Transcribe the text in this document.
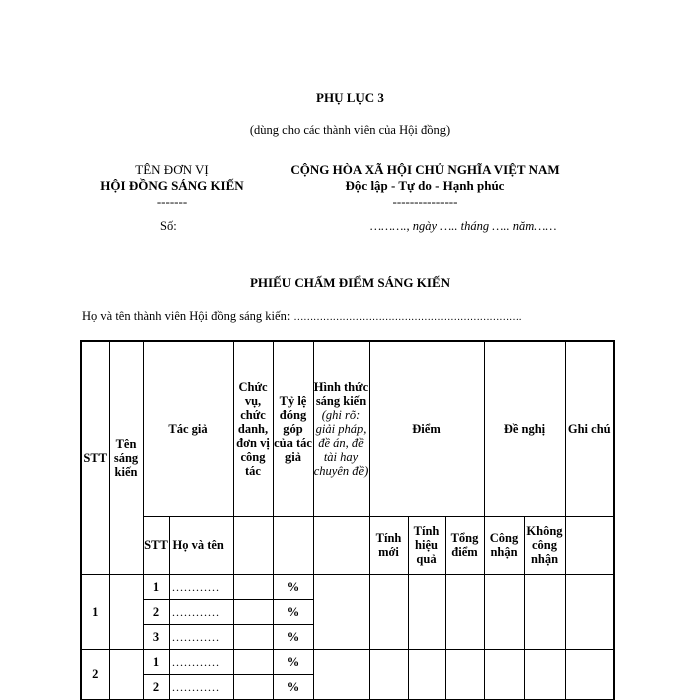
PHỤ LỤC 3
(dùng cho các thành viên của Hội đồng)
TÊN ĐƠN VỊ
HỘI ĐỒNG SÁNG KIẾN
-------
Số:
CỘNG HÒA XÃ HỘI CHỦ NGHĨA VIỆT NAM
Độc lập - Tự do - Hạnh phúc
---------------
………., ngày ….. tháng ….. năm……
PHIẾU CHẤM ĐIỂM SÁNG KIẾN
Họ và tên thành viên Hội đồng sáng kiến: …………………………………………………………….
STT	Tên sáng kiến	Tác giả		Chức vụ, chức danh, đơn vị công tác	Tỷ lệ đóng góp của tác giả	Hình thức sáng kiến (ghi rõ: giải pháp, đề án, đề tài hay chuyên đề)	Điểm			Đề nghị		Ghi chú
		STT	Họ và tên				Tính mới	Tính hiệu quả	Tổng điểm	Công nhận	Không công nhận	
1		1	…………		%							
		2	…………		%							
		3	…………		%							
2		1	…………		%							
		2	…………		%							
